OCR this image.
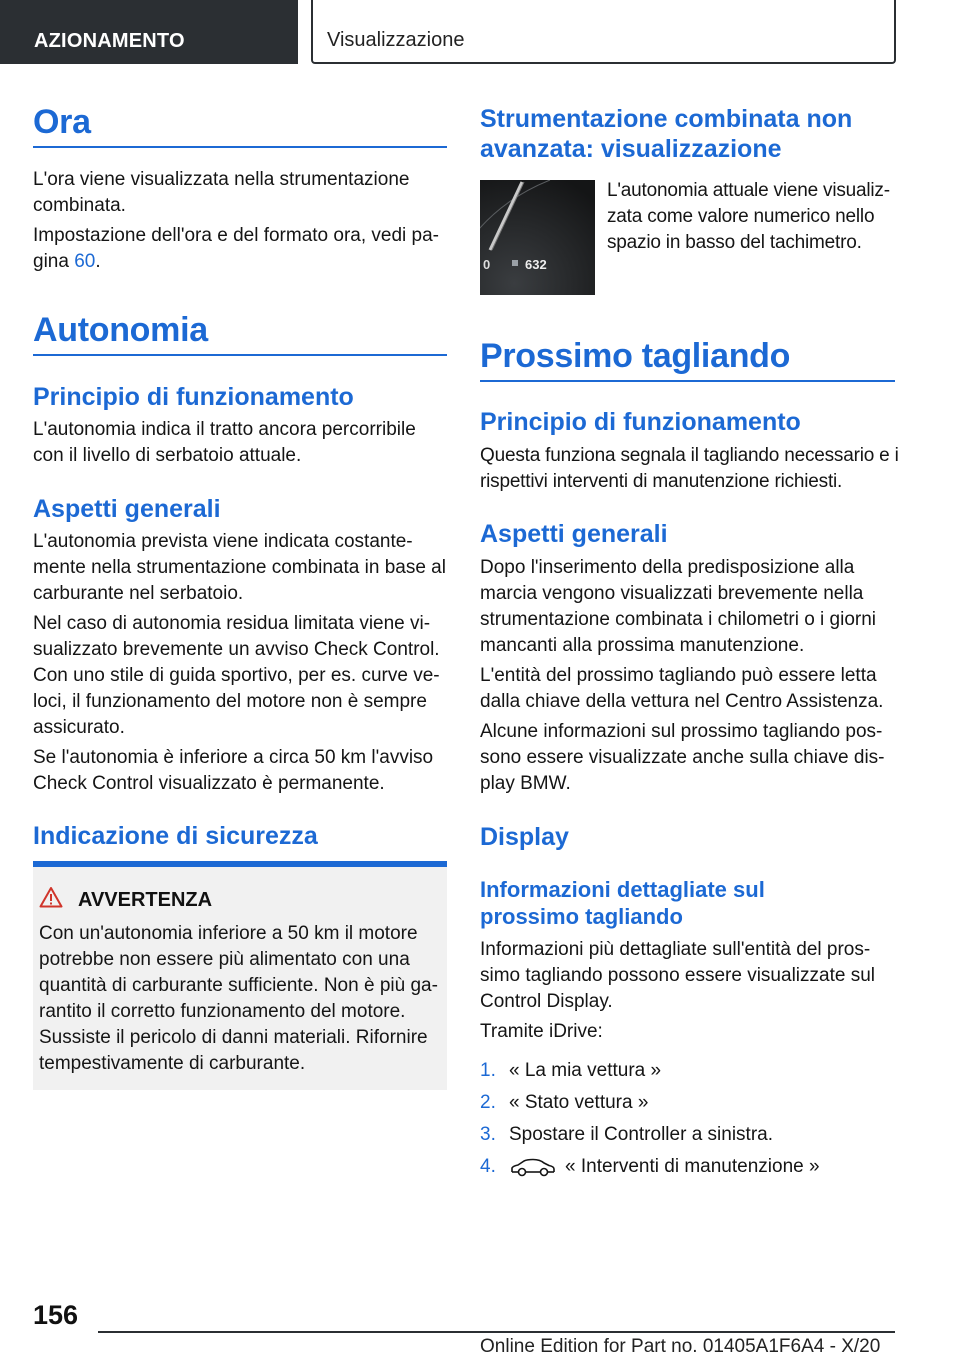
AZIONAMENTO	Visualizzazione
Ora
L'ora viene visualizzata nella strumentazione combinata.
Impostazione dell'ora e del formato ora, vedi pa- gina 60.
Autonomia
Principio di funzionamento
L'autonomia indica il tratto ancora percorribile con il livello di serbatoio attuale.
Aspetti generali
L'autonomia prevista viene indicata costante- mente nella strumentazione combinata in base al carburante nel serbatoio.
Nel caso di autonomia residua limitata viene vi- sualizzato brevemente un avviso Check Control. Con uno stile di guida sportivo, per es. curve ve- loci, il funzionamento del motore non è sempre assicurato.
Se l'autonomia è inferiore a circa 50 km l'avviso Check Control visualizzato è permanente.
Indicazione di sicurezza
AVVERTENZA
Con un'autonomia inferiore a 50 km il motore potrebbe non essere più alimentato con una quantità di carburante sufficiente. Non è più ga- rantito il corretto funzionamento del motore. Sussiste il pericolo di danni materiali. Rifornire tempestivamente di carburante.
Strumentazione combinata non avanzata: visualizzazione
0	632
L'autonomia attuale viene visualiz- zata come valore numerico nello spazio in basso del tachimetro.
Prossimo tagliando
Principio di funzionamento
Questa funziona segnala il tagliando necessario e i rispettivi interventi di manutenzione richiesti.
Aspetti generali
Dopo l'inserimento della predisposizione alla marcia vengono visualizzati brevemente nella strumentazione combinata i chilometri o i giorni mancanti alla prossima manutenzione.
L'entità del prossimo tagliando può essere letta dalla chiave della vettura nel Centro Assistenza.
Alcune informazioni sul prossimo tagliando pos- sono essere visualizzate anche sulla chiave dis- play BMW.
Display
Informazioni dettagliate sul prossimo tagliando
Informazioni più dettagliate sull'entità del pros- simo tagliando possono essere visualizzate sul Control Display.
Tramite iDrive:
1. « La mia vettura »
2. « Stato vettura »
3. Spostare il Controller a sinistra.
4.	« Interventi di manutenzione »
156
Online Edition for Part no. 01405A1F6A4 - X/20
